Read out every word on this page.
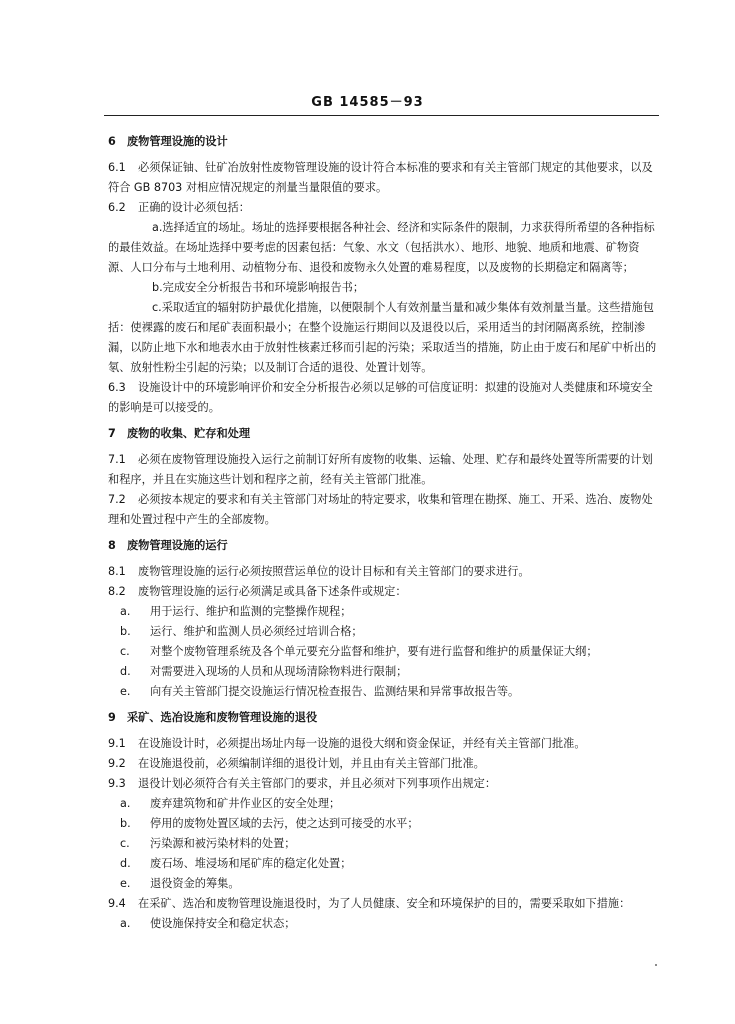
GB 14585－93
6　废物管理设施的设计
6.1 必须保证铀、钍矿冶放射性废物管理设施的设计符合本标准的要求和有关主管部门规定的其他要求，以及符合 GB 8703 对相应情况规定的剂量当量限值的要求。
6.2 正确的设计必须包括：
a.选择适宜的场址。场址的选择要根据各种社会、经济和实际条件的限制，力求获得所希望的各种指标的最佳效益。在场址选择中要考虑的因素包括：气象、水文（包括洪水）、地形、地貌、地质和地震、矿物资源、人口分布与土地利用、动植物分布、退役和废物永久处置的难易程度，以及废物的长期稳定和隔离等；
b.完成安全分析报告书和环境影响报告书；
c.采取适宜的辐射防护最优化措施，以便限制个人有效剂量当量和减少集体有效剂量当量。这些措施包括：使裸露的废石和尾矿表面积最小；在整个设施运行期间以及退役以后，采用适当的封闭隔离系统，控制渗漏，以防止地下水和地表水由于放射性核素迁移而引起的污染；采取适当的措施，防止由于废石和尾矿中析出的氡、放射性粉尘引起的污染；以及制订合适的退役、处置计划等。
6.3 设施设计中的环境影响评价和安全分析报告必须以足够的可信度证明：拟建的设施对人类健康和环境安全的影响是可以接受的。
7　废物的收集、贮存和处理
7.1 必须在废物管理设施投入运行之前制订好所有废物的收集、运输、处理、贮存和最终处置等所需要的计划和程序，并且在实施这些计划和程序之前，经有关主管部门批准。
7.2 必须按本规定的要求和有关主管部门对场址的特定要求，收集和管理在勘探、施工、开采、选冶、废物处理和处置过程中产生的全部废物。
8　废物管理设施的运行
8.1 废物管理设施的运行必须按照营运单位的设计目标和有关主管部门的要求进行。
8.2 废物管理设施的运行必须满足或具备下述条件或规定：
a. 用于运行、维护和监测的完整操作规程；
b. 运行、维护和监测人员必须经过培训合格；
c. 对整个废物管理系统及各个单元要充分监督和维护，要有进行监督和维护的质量保证大纲；
d. 对需要进入现场的人员和从现场清除物料进行限制；
e. 向有关主管部门提交设施运行情况检查报告、监测结果和异常事故报告等。
9　采矿、选冶设施和废物管理设施的退役
9.1 在设施设计时，必须提出场址内每一设施的退役大纲和资金保证，并经有关主管部门批准。
9.2 在设施退役前，必须编制详细的退役计划，并且由有关主管部门批准。
9.3 退役计划必须符合有关主管部门的要求，并且必须对下列事项作出规定：
a. 废弃建筑物和矿井作业区的安全处理；
b. 停用的废物处置区域的去污，使之达到可接受的水平；
c. 污染源和被污染材料的处置；
d. 废石场、堆浸场和尾矿库的稳定化处置；
e. 退役资金的筹集。
9.4 在采矿、选冶和废物管理设施退役时，为了人员健康、安全和环境保护的目的，需要采取如下措施：
a. 使设施保持安全和稳定状态；
